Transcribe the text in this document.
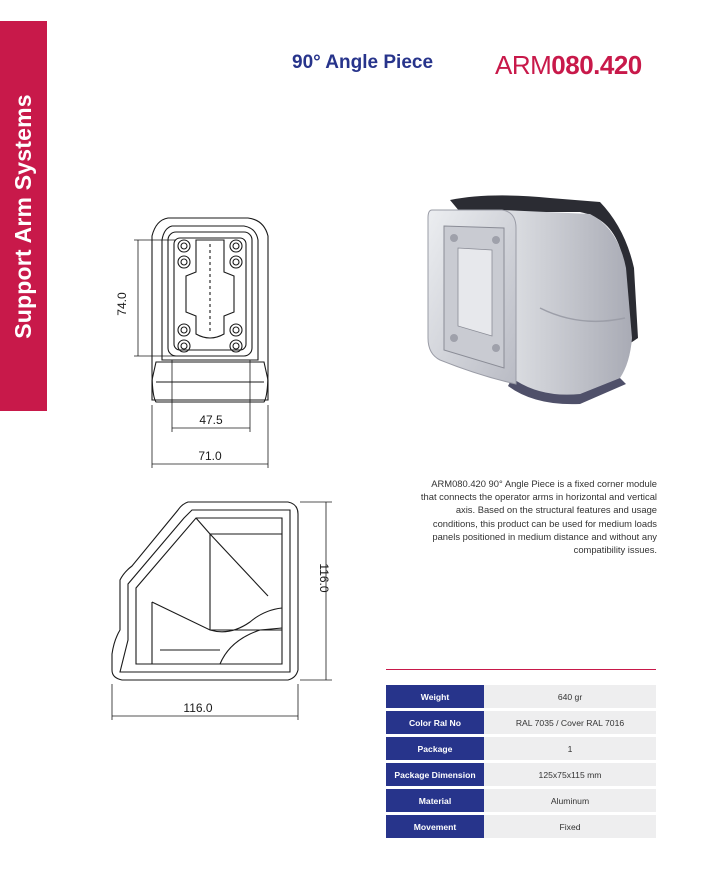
Support Arm Systems
90° Angle Piece ARM080.420
74.0
47.5
71.0
116.0
116.0
ARM080.420 90° Angle Piece is a fixed corner module that connects the operator arms in horizontal and vertical axis. Based on the structural features and usage conditions, this product can be used for medium loads panels positioned in medium distance and without any compatibility issues.
Weight	640 gr
Color Ral No	RAL 7035 / Cover RAL 7016
Package	1
Package Dimension	125x75x115 mm
Material	Aluminum
Movement	Fixed
